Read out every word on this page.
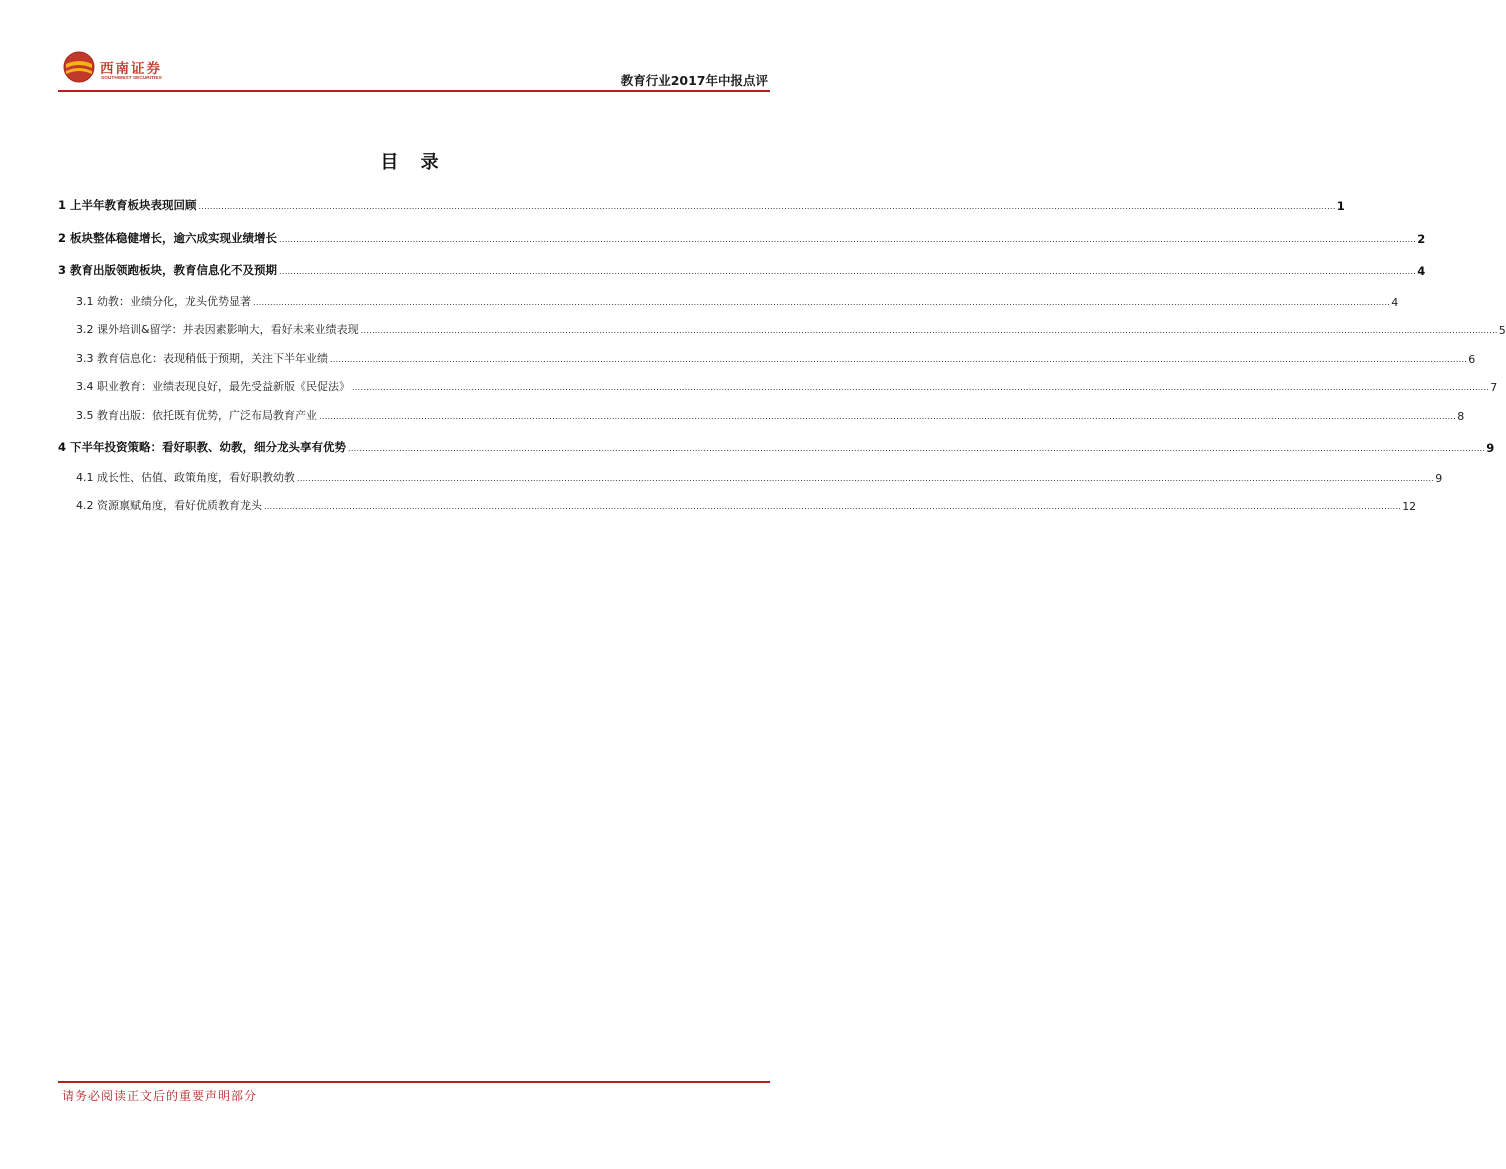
西南证券
SOUTHWEST SECURITIES	教育行业2017年中报点评
目 录
1 上半年教育板块表现回顾 ................................................................................................................................................................................................................................................................................................................................................................................................................ 1
2 板块整体稳健增长，逾六成实现业绩增长 ................................................................................................................................................................................................................................................................................................................................................................................................................ 2
3 教育出版领跑板块，教育信息化不及预期 ................................................................................................................................................................................................................................................................................................................................................................................................................ 4
3.1 幼教：业绩分化，龙头优势显著 ................................................................................................................................................................................................................................................................................................................................................................................................................ 4
3.2 课外培训&留学：并表因素影响大，看好未来业绩表现 ................................................................................................................................................................................................................................................................................................................................................................................................................ 5
3.3 教育信息化：表现稍低于预期，关注下半年业绩 ................................................................................................................................................................................................................................................................................................................................................................................................................ 6
3.4 职业教育：业绩表现良好，最先受益新版《民促法》 ................................................................................................................................................................................................................................................................................................................................................................................................................ 7
3.5 教育出版：依托既有优势，广泛布局教育产业 ................................................................................................................................................................................................................................................................................................................................................................................................................ 8
4 下半年投资策略：看好职教、幼教，细分龙头享有优势 ................................................................................................................................................................................................................................................................................................................................................................................................................ 9
4.1 成长性、估值、政策角度，看好职教幼教 ................................................................................................................................................................................................................................................................................................................................................................................................................ 9
4.2 资源禀赋角度，看好优质教育龙头 ................................................................................................................................................................................................................................................................................................................................................................................................................ 12
请务必阅读正文后的重要声明部分
